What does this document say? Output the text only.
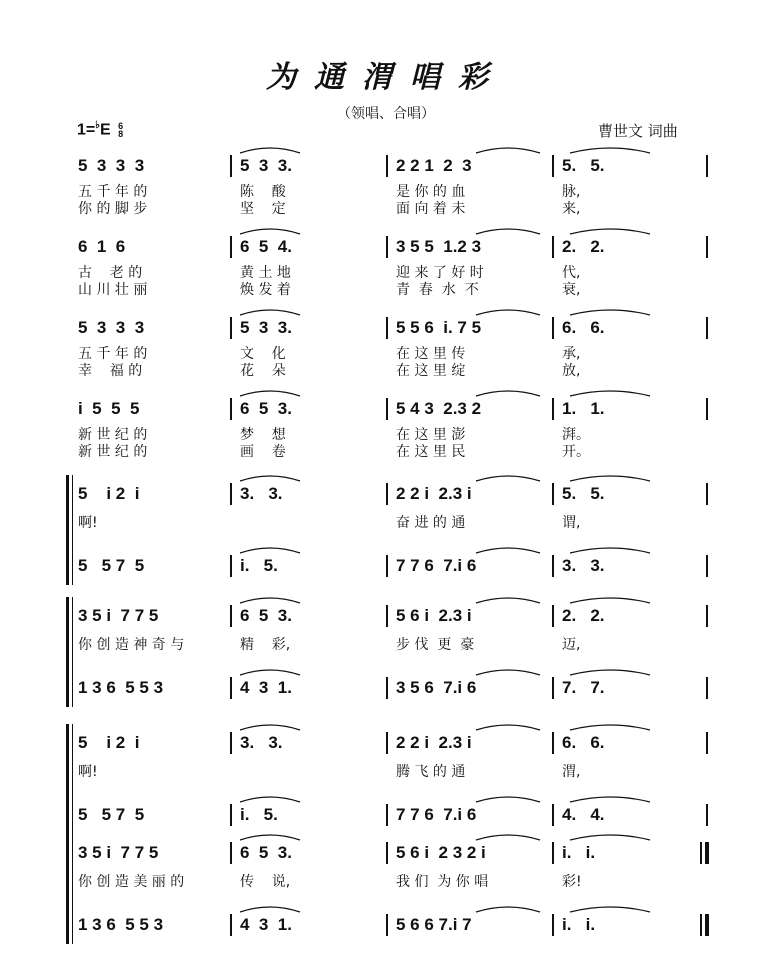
为通渭唱彩
（领唱、合唱）
1=♭E 6
8	曹世文 词曲
5  3  3  3	5  3  3.	2 2 1  2  3	5.   5.
五 千 年 的	陈    酸	是 你 的 血	脉,
你 的 脚 步	坚    定	面 向 着 未	来,
6  1  6	6  5  4.	3 5 5  1.2 3	2.   2.
古    老 的	黄 土 地	迎 来 了 好 时	代,
山 川 壮 丽	焕 发 着	青  春  水  不	衰,
5  3  3  3	5  3  3.	5 5 6  i. 7 5	6.   6.
五 千 年 的	文    化	在 这 里 传	承,
幸    福 的	花    朵	在 这 里 绽	放,
i  5  5  5	6  5  3.	5 4 3  2.3 2	1.   1.
新 世 纪 的	梦    想	在 这 里 澎	湃。
新 世 纪 的	画    卷	在 这 里 民	开。
5    i 2  i	3.   3.	2 2 i  2.3 i	5.   5.
啊!	奋 进 的 通	谓,
5   5 7  5	i.   5.	7 7 6  7.i 6	3.   3.
3 5 i  7 7 5	6  5  3.	5 6 i  2.3 i	2.   2.
你 创 造 神 奇 与	精    彩,	步 伐  更  豪	迈,
1 3 6  5 5 3	4  3  1.	3 5 6  7.i 6	7.   7.
5    i 2  i	3.   3.	2 2 i  2.3 i	6.   6.
啊!	腾 飞 的 通	渭,
5   5 7  5	i.   5.	7 7 6  7.i 6	4.   4.
3 5 i  7 7 5	6  5  3.	5 6 i  2 3 2 i	i.   i.
你 创 造 美 丽 的	传    说,	我 们  为 你 唱	彩!
1 3 6  5 5 3	4  3  1.	5 6 6 7.i 7	i.   i.
